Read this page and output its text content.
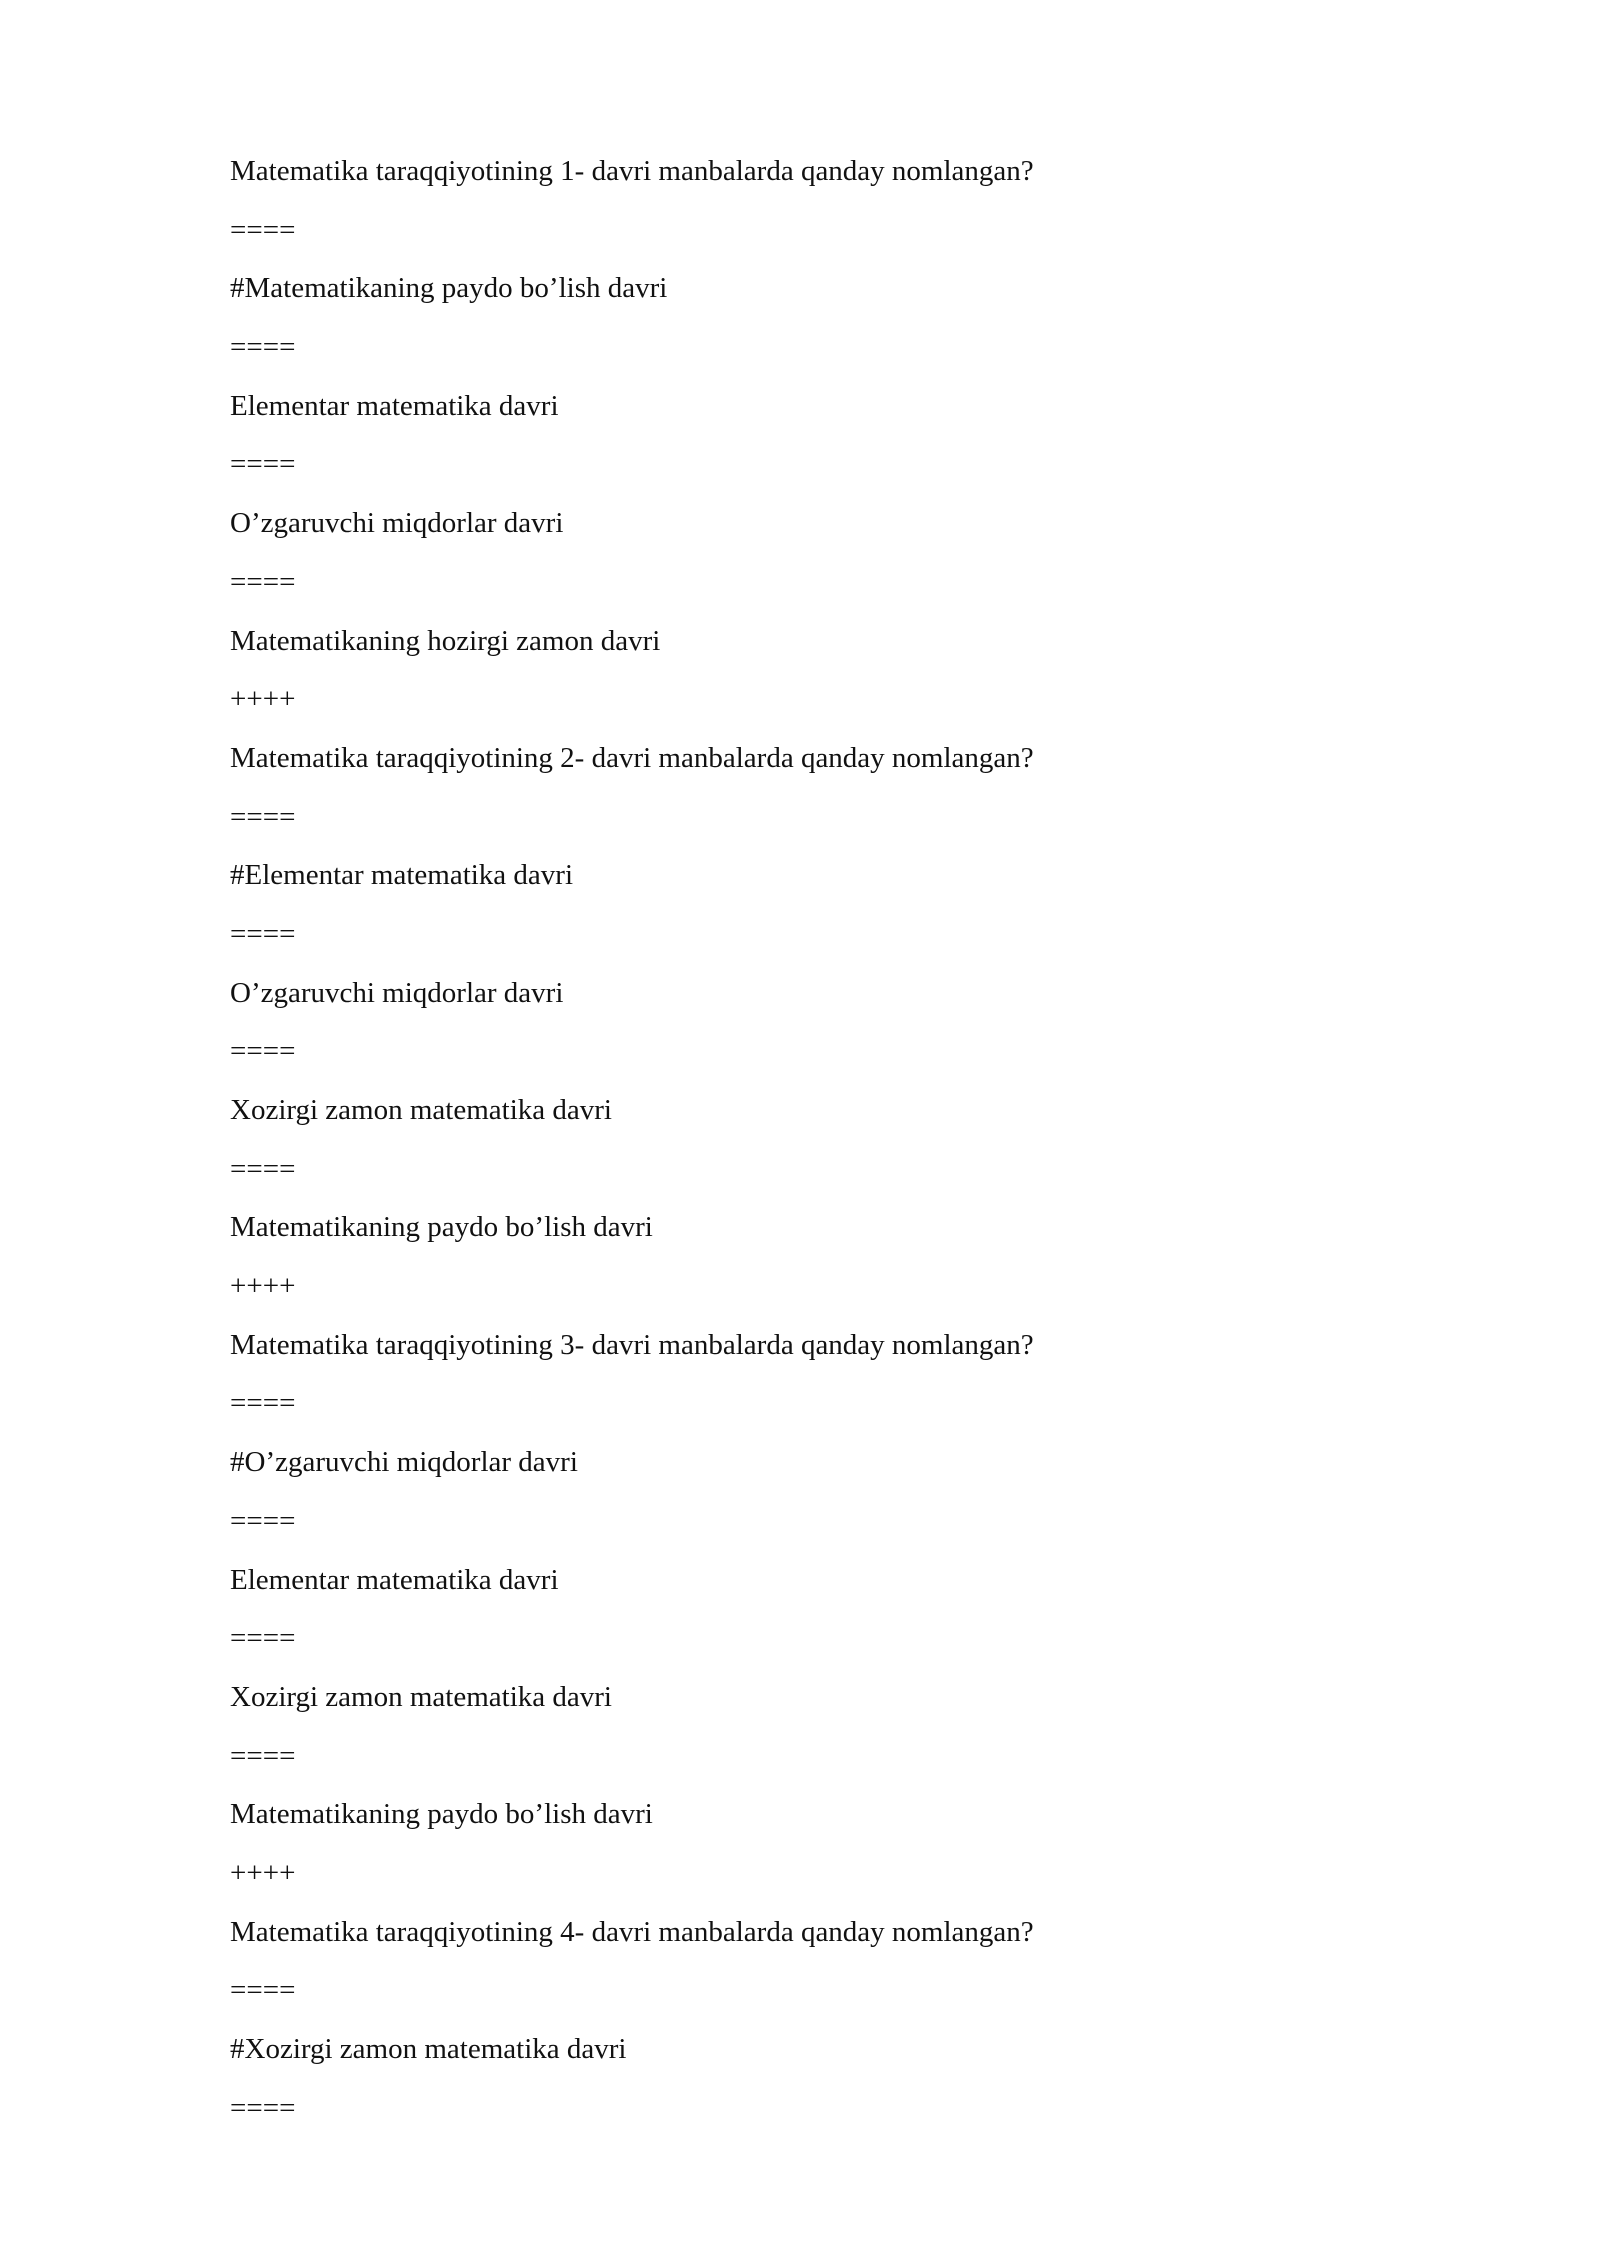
Matematika taraqqiyotining 1- davri manbalarda qanday nomlangan?

====

#Matematikaning paydo bo’lish davri

====

Elementar matematika davri

====

O’zgaruvchi miqdorlar davri

====

Matematikaning hozirgi zamon davri

++++

Matematika taraqqiyotining 2- davri manbalarda qanday nomlangan?

====

#Elementar matematika davri

====

O’zgaruvchi miqdorlar davri

====

Xozirgi zamon matematika davri

====

Matematikaning paydo bo’lish davri

++++

Matematika taraqqiyotining 3- davri manbalarda qanday nomlangan?

====

#O’zgaruvchi miqdorlar davri

====

Elementar matematika davri

====

Xozirgi zamon matematika davri

====

Matematikaning paydo bo’lish davri

++++

Matematika taraqqiyotining 4- davri manbalarda qanday nomlangan?

====

#Xozirgi zamon matematika davri

====
